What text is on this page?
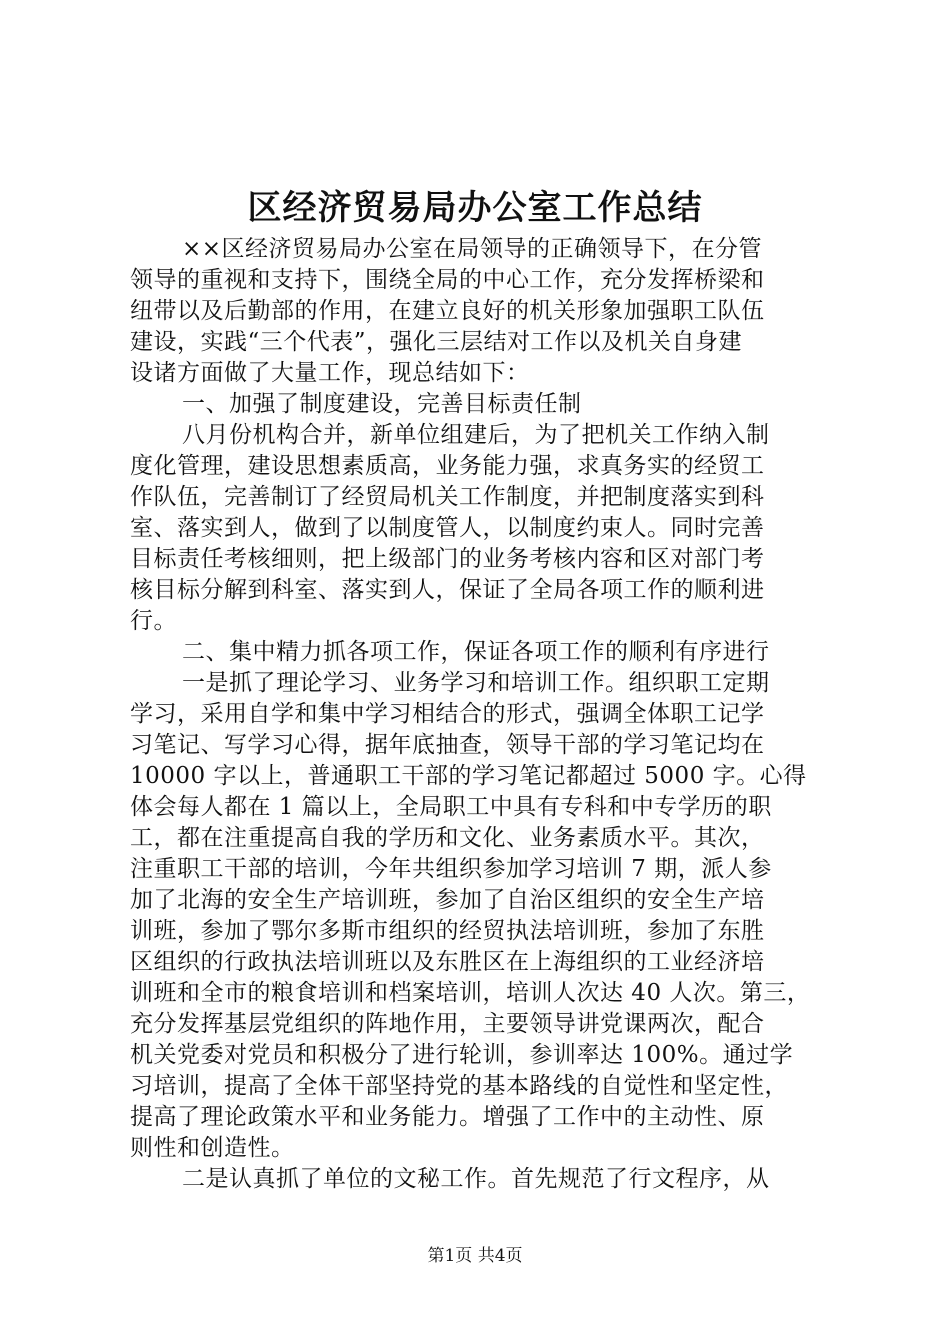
区经济贸易局办公室工作总结
××区经济贸易局办公室在局领导的正确领导下，在分管
领导的重视和支持下，围绕全局的中心工作，充分发挥桥梁和
纽带以及后勤部的作用，在建立良好的机关形象加强职工队伍
建设，实践“三个代表”，强化三层结对工作以及机关自身建
设诸方面做了大量工作，现总结如下：
一、加强了制度建设，完善目标责任制
八月份机构合并，新单位组建后，为了把机关工作纳入制
度化管理，建设思想素质高，业务能力强，求真务实的经贸工
作队伍，完善制订了经贸局机关工作制度，并把制度落实到科
室、落实到人，做到了以制度管人，以制度约束人。同时完善
目标责任考核细则，把上级部门的业务考核内容和区对部门考
核目标分解到科室、落实到人，保证了全局各项工作的顺利进
行。
二、集中精力抓各项工作，保证各项工作的顺利有序进行
一是抓了理论学习、业务学习和培训工作。组织职工定期
学习，采用自学和集中学习相结合的形式，强调全体职工记学
习笔记、写学习心得，据年底抽查，领导干部的学习笔记均在
10000 字以上，普通职工干部的学习笔记都超过 5000 字。心得
体会每人都在 1 篇以上，全局职工中具有专科和中专学历的职
工，都在注重提高自我的学历和文化、业务素质水平。其次，
注重职工干部的培训，今年共组织参加学习培训 7 期，派人参
加了北海的安全生产培训班，参加了自治区组织的安全生产培
训班，参加了鄂尔多斯市组织的经贸执法培训班，参加了东胜
区组织的行政执法培训班以及东胜区在上海组织的工业经济培
训班和全市的粮食培训和档案培训，培训人次达 40 人次。第三，
充分发挥基层党组织的阵地作用，主要领导讲党课两次，配合
机关党委对党员和积极分了进行轮训，参训率达 100%。通过学
习培训，提高了全体干部坚持党的基本路线的自觉性和坚定性，
提高了理论政策水平和业务能力。增强了工作中的主动性、原
则性和创造性。
二是认真抓了单位的文秘工作。首先规范了行文程序，从
第1页 共4页
